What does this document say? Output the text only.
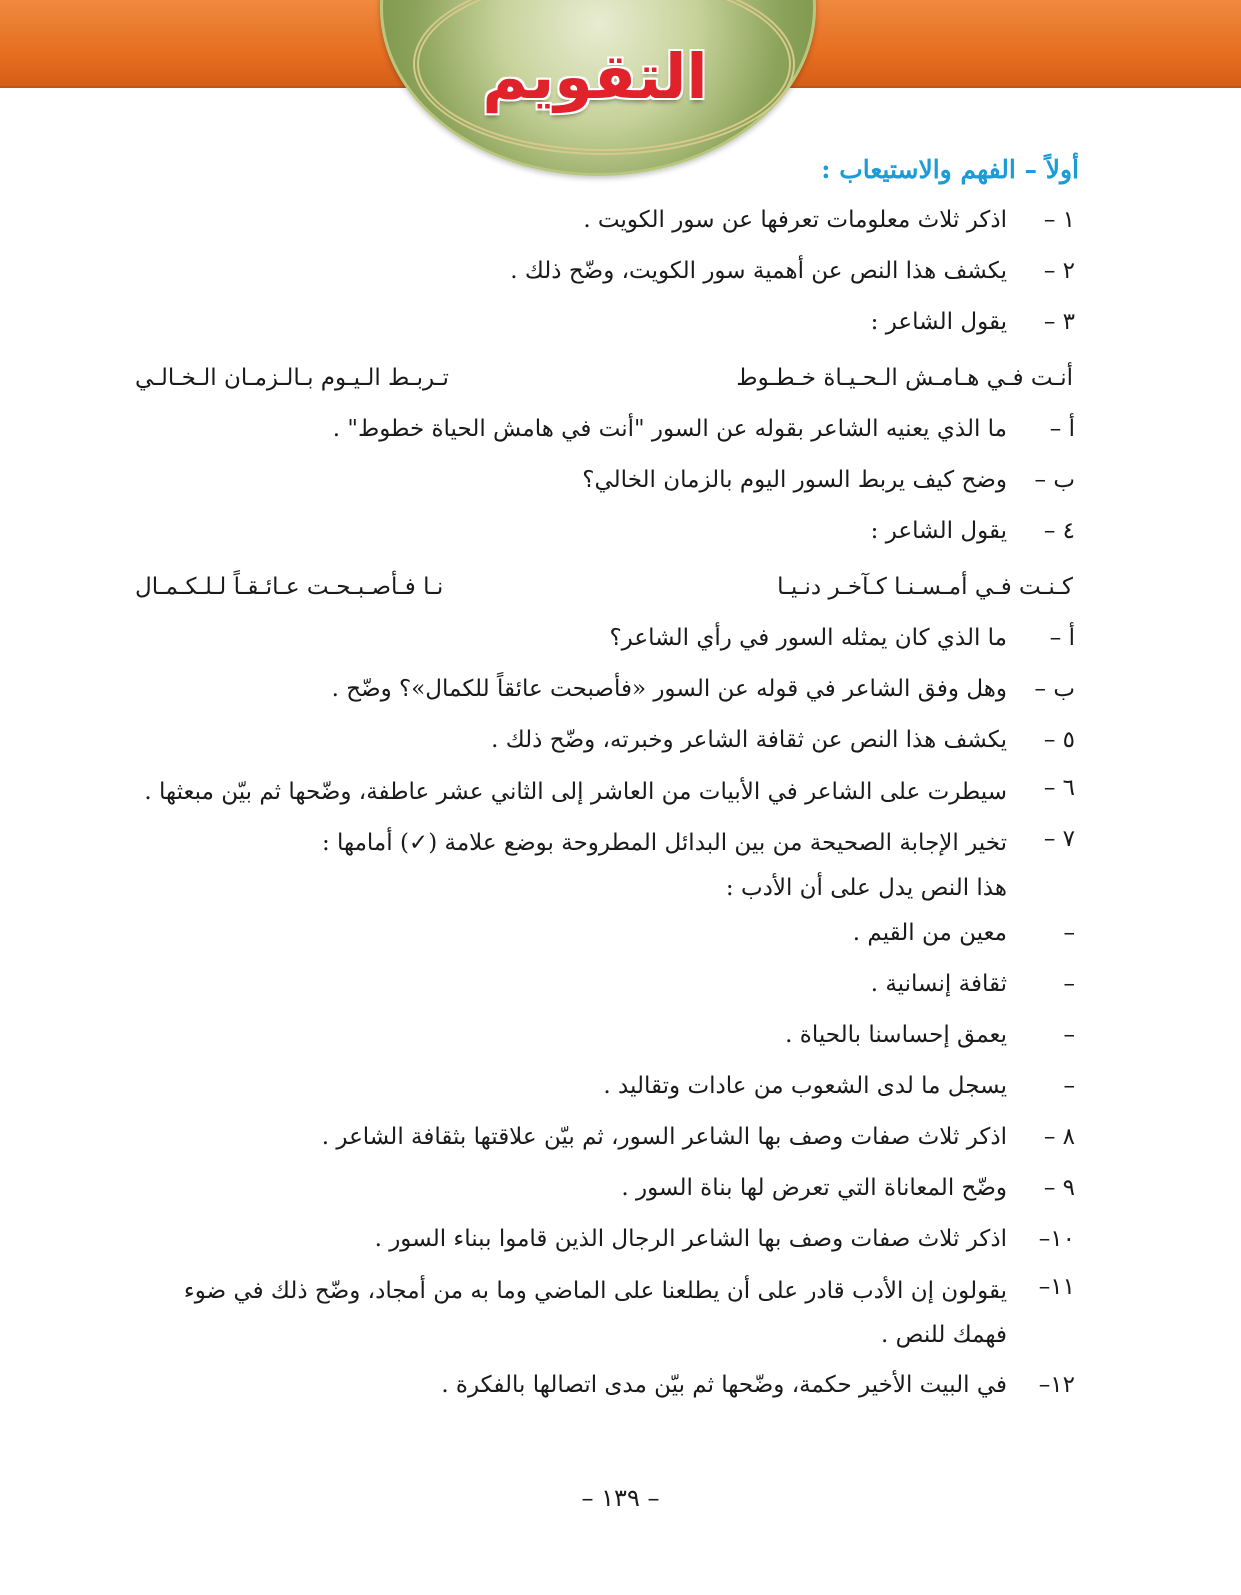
التقويم
أولاً – الفهم والاستيعاب :
١ –
اذكر ثلاث معلومات تعرفها عن سور الكويت .
٢ –
يكشف هذا النص عن أهمية سور الكويت، وضّح ذلك .
٣ –
يقول الشاعر :
أنـت فـي هـامـش الـحـيـاة خـطـوط
تـربـط الـيـوم بـالـزمـان الـخـالـي
أ –
ما الذي يعنيه الشاعر بقوله عن السور "أنت في هامش الحياة خطوط" .
ب –
وضح كيف يربط السور اليوم بالزمان الخالي؟
٤ –
يقول الشاعر :
كـنـت فـي أمـسـنـا كـآخـر دنـيـا
نـا فـأصـبـحـت عـائـقـاً لـلـكـمـال
أ –
ما الذي كان يمثله السور في رأي الشاعر؟
ب –
وهل وفق الشاعر في قوله عن السور «فأصبحت عائقاً للكمال»؟ وضّح .
٥ –
يكشف هذا النص عن ثقافة الشاعر وخبرته، وضّح ذلك .
٦ –
سيطرت على الشاعر في الأبيات من العاشر إلى الثاني عشر عاطفة، وضّحها ثم بيّن مبعثها .
٧ –
تخير الإجابة الصحيحة من بين البدائل المطروحة بوضع علامة (✓) أمامها :
هذا النص يدل على أن الأدب :
–
معين من القيم .
–
ثقافة إنسانية .
–
يعمق إحساسنا بالحياة .
–
يسجل ما لدى الشعوب من عادات وتقاليد .
٨ –
اذكر ثلاث صفات وصف بها الشاعر السور، ثم بيّن علاقتها بثقافة الشاعر .
٩ –
وضّح المعاناة التي تعرض لها بناة السور .
١٠–
اذكر ثلاث صفات وصف بها الشاعر الرجال الذين قاموا ببناء السور .
١١–
يقولون إن الأدب قادر على أن يطلعنا على الماضي وما به من أمجاد، وضّح ذلك في ضوء فهمك للنص .
١٢–
في البيت الأخير حكمة، وضّحها ثم بيّن مدى اتصالها بالفكرة .
– ١٣٩ –
